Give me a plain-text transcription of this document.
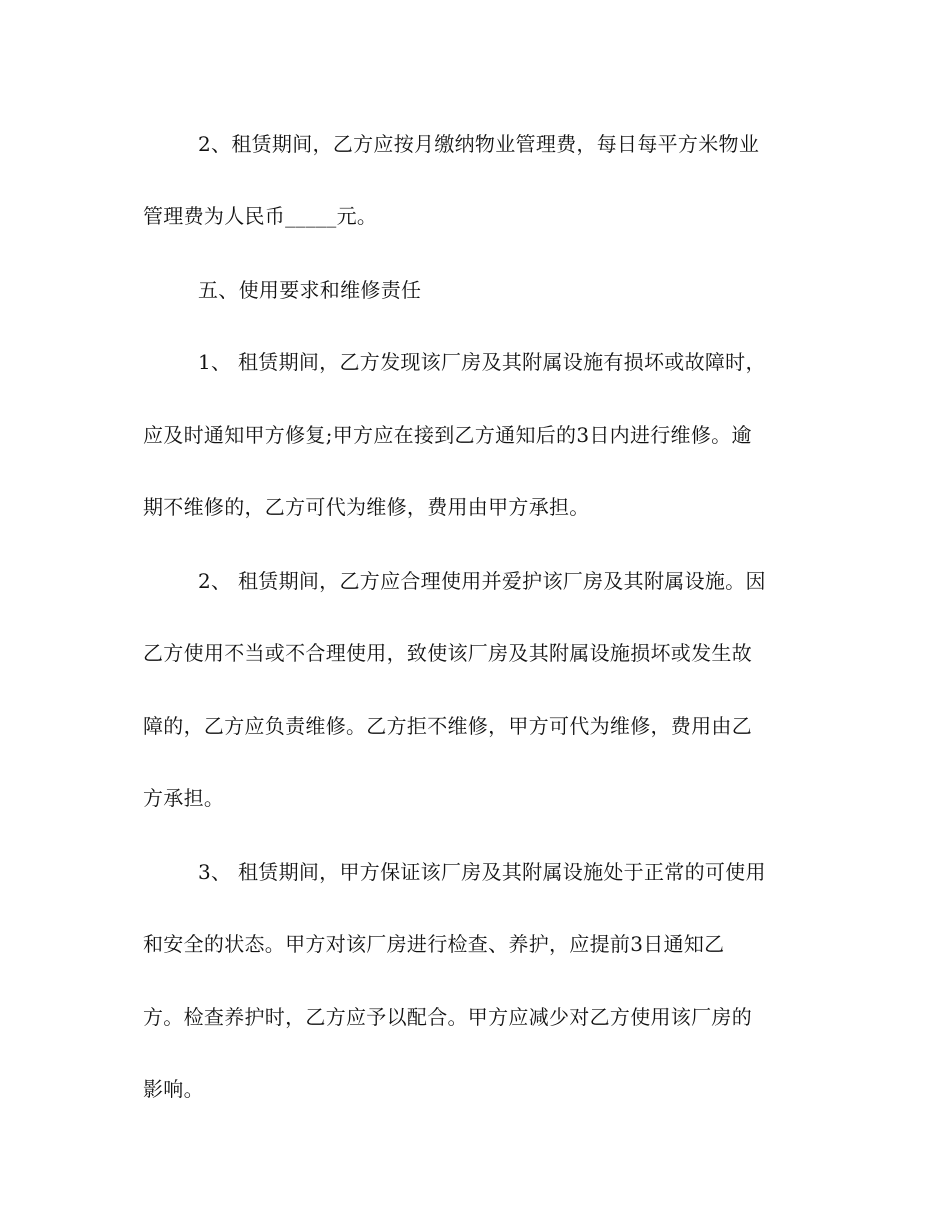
2、租赁期间，乙方应按月缴纳物业管理费，每日每平方米物业
管理费为人民币_____元。
五、使用要求和维修责任
1、 租赁期间，乙方发现该厂房及其附属设施有损坏或故障时，
应及时通知甲方修复;甲方应在接到乙方通知后的3日内进行维修。逾
期不维修的，乙方可代为维修，费用由甲方承担。
2、 租赁期间，乙方应合理使用并爱护该厂房及其附属设施。因
乙方使用不当或不合理使用，致使该厂房及其附属设施损坏或发生故
障的，乙方应负责维修。乙方拒不维修，甲方可代为维修，费用由乙
方承担。
3、 租赁期间，甲方保证该厂房及其附属设施处于正常的可使用
和安全的状态。甲方对该厂房进行检查、养护，应提前3日通知乙
方。检查养护时，乙方应予以配合。甲方应减少对乙方使用该厂房的
影响。
